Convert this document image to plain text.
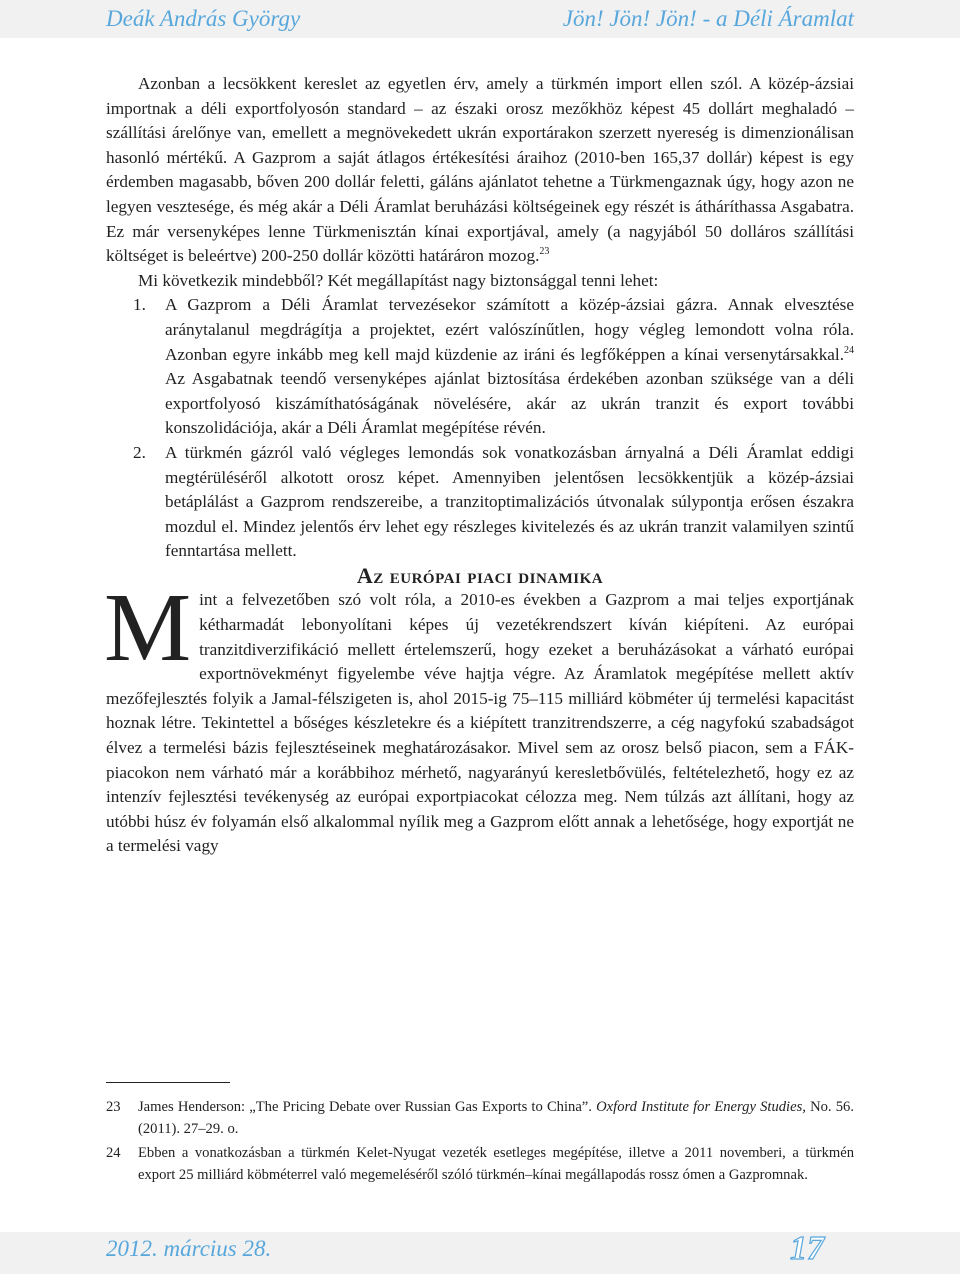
Deák András György	Jön! Jön! Jön! - a Déli Áramlat

Azonban a lecsökkent kereslet az egyetlen érv, amely a türkmén import ellen szól. A közép-ázsiai importnak a déli exportfolyosón standard – az északi orosz mezőkhöz képest 45 dollárt meghaladó – szállítási árelőnye van, emellett a megnövekedett ukrán exportárakon szerzett nyereség is dimenzionálisan hasonló mértékű. A Gazprom a saját átlagos értékesítési áraihoz (2010-ben 165,37 dollár) képest is egy érdemben magasabb, bőven 200 dollár feletti, gáláns ajánlatot tehetne a Türkmengaznak úgy, hogy azon ne legyen vesztesége, és még akár a Déli Áramlat beruházási költségeinek egy részét is átháríthassa Asgabatra. Ez már versenyképes lenne Türkmenisztán kínai exportjával, amely (a nagyjából 50 dolláros szállítási költséget is beleértve) 200-250 dollár közötti határáron mozog.$^{23}$

Mi következik mindebből? Két megállapítást nagy biztonsággal tenni lehet:

1. A Gazprom a Déli Áramlat tervezésekor számított a közép-ázsiai gázra. Annak elvesztése aránytalanul megdrágítja a projektet, ezért valószínűtlen, hogy végleg lemondott volna róla. Azonban egyre inkább meg kell majd küzdenie az iráni és legfőképpen a kínai versenytársakkal.$^{24}$ Az Asgabatnak teendő versenyképes ajánlat biztosítása érdekében azonban szüksége van a déli exportfolyosó kiszámíthatóságának növelésére, akár az ukrán tranzit és export további konszolidációja, akár a Déli Áramlat megépítése révén.
2. A türkmén gázról való végleges lemondás sok vonatkozásban árnyalná a Déli Áramlat eddigi megtérüléséről alkotott orosz képet. Amennyiben jelentősen lecsökkentjük a közép-ázsiai betáplálást a Gazprom rendszereibe, a tranzitoptimalizációs útvonalak súlypontja erősen északra mozdul el. Mindez jelentős érv lehet egy részleges kivitelezés és az ukrán tranzit valamilyen szintű fenntartása mellett.

Az európai piaci dinamika

Mint a felvezetőben szó volt róla, a 2010-es években a Gazprom a mai teljes exportjának kétharmadát lebonyolítani képes új vezetékrendszert kíván kiépíteni. Az európai tranzitdiverzifikáció mellett értelemszerű, hogy ezeket a beruházásokat a várható európai exportnövekményt figyelembe véve hajtja végre. Az Áramlatok megépítése mellett aktív mezőfejlesztés folyik a Jamal-félszigeten is, ahol 2015-ig 75–115 milliárd köbméter új termelési kapacitást hoznak létre. Tekintettel a bőséges készletekre és a kiépített tranzitrendszerre, a cég nagyfokú szabadságot élvez a termelési bázis fejlesztéseinek meghatározásakor. Mivel sem az orosz belső piacon, sem a FÁK-piacokon nem várható már a korábbihoz mérhető, nagyarányú keresletbővülés, feltételezhető, hogy ez az intenzív fejlesztési tevékenység az európai exportpiacokat célozza meg. Nem túlzás azt állítani, hogy az utóbbi húsz év folyamán első alkalommal nyílik meg a Gazprom előtt annak a lehetősége, hogy exportját ne a termelési vagy

23 James Henderson: „The Pricing Debate over Russian Gas Exports to China”. Oxford Institute for Energy Studies, No. 56. (2011). 27–29. o.
24 Ebben a vonatkozásban a türkmén Kelet-Nyugat vezeték esetleges megépítése, illetve a 2011 novemberi, a türkmén export 25 milliárd köbméterrel való megemeléséről szóló türkmén–kínai megállapodás rossz ómen a Gazpromnak.
2012. március 28.	17
